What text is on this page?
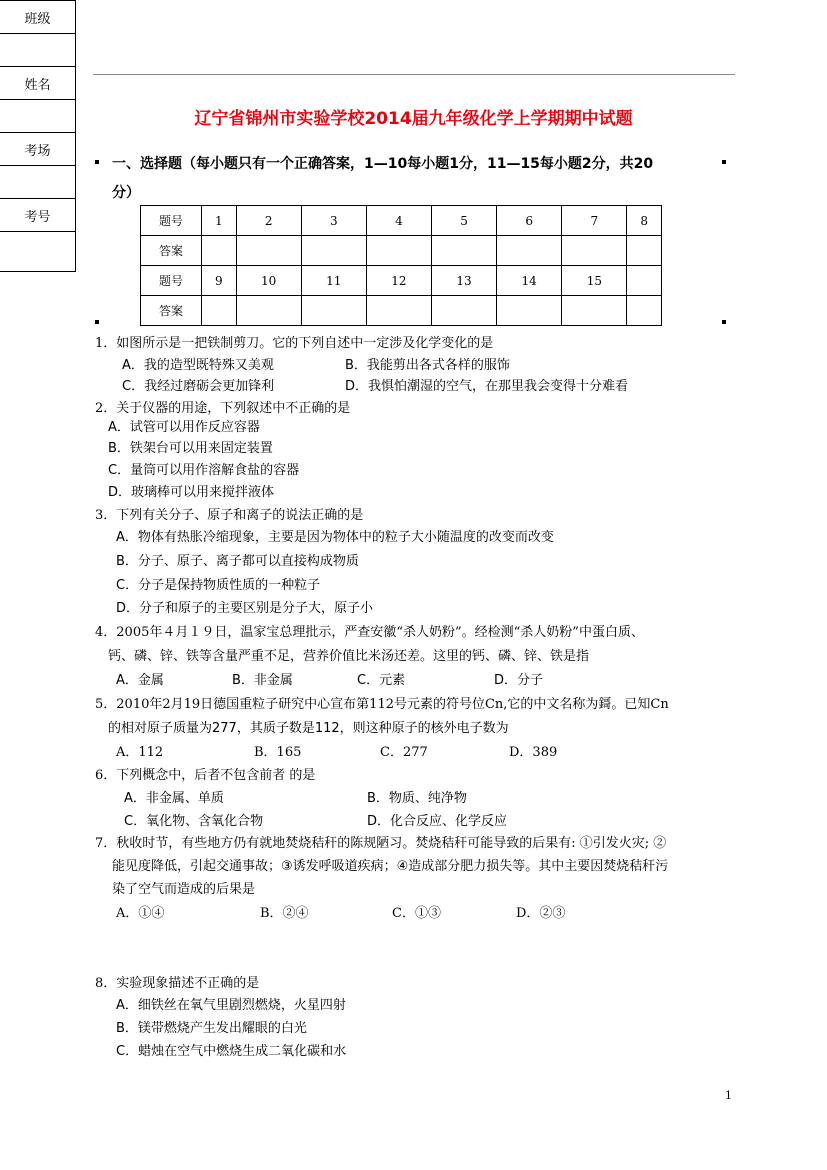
班级
姓名
考场
考号
辽宁省锦州市实验学校2014届九年级化学上学期期中试题
一、选择题（每小题只有一个正确答案，1—10每小题1分，11—15每小题2分，共20
分）
题号	1	2	3	4	5	6	7	8
答案								
题号	9	10	11	12	13	14	15	
答案								
1．如图所示是一把铁制剪刀。它的下列自述中一定涉及化学变化的是
A．我的造型既特殊又美观	B．我能剪出各式各样的服饰
C．我经过磨砺会更加锋利	D．我惧怕潮湿的空气，在那里我会变得十分难看
2．关于仪器的用途，下列叙述中不正确的是
A．试管可以用作反应容器
B．铁架台可以用来固定装置
C．量筒可以用作溶解食盐的容器
D．玻璃棒可以用来搅拌液体
3．下列有关分子、原子和离子的说法正确的是
A．物体有热胀冷缩现象，主要是因为物体中的粒子大小随温度的改变而改变
B．分子、原子、离子都可以直接构成物质
C．分子是保持物质性质的一种粒子
D．分子和原子的主要区别是分子大，原子小
4．2005年４月１９日，温家宝总理批示，严查安徽“杀人奶粉”。经检测“杀人奶粉”中蛋白质、
钙、磷、锌、铁等含量严重不足，营养价值比米汤还差。这里的钙、磷、锌、铁是指
A．金属	B．非金属	C．元素	D．分子
5．2010年2月19日德国重粒子研究中心宣布第112号元素的符号位Cn,它的中文名称为鎶。已知Cn
的相对原子质量为277，其质子数是112，则这种原子的核外电子数为
A．112	B．165	C．277	D．389
6．下列概念中，后者不包含前者 的是
A．非金属、单质	B．物质、纯净物
C．氧化物、含氧化合物	D．化合反应、化学反应
7．秋收时节，有些地方仍有就地焚烧秸秆的陈规陋习。焚烧秸秆可能导致的后果有: ①引发火灾; ②
能见度降低，引起交通事故；③诱发呼吸道疾病；④造成部分肥力损失等。其中主要因焚烧秸秆污
染了空气而造成的后果是
A．①④	B．②④	C．①③	D．②③
8．实验现象描述不正确的是
A．细铁丝在氧气里剧烈燃烧，火星四射
B．镁带燃烧产生发出耀眼的白光
C．蜡烛在空气中燃烧生成二氧化碳和水
1
